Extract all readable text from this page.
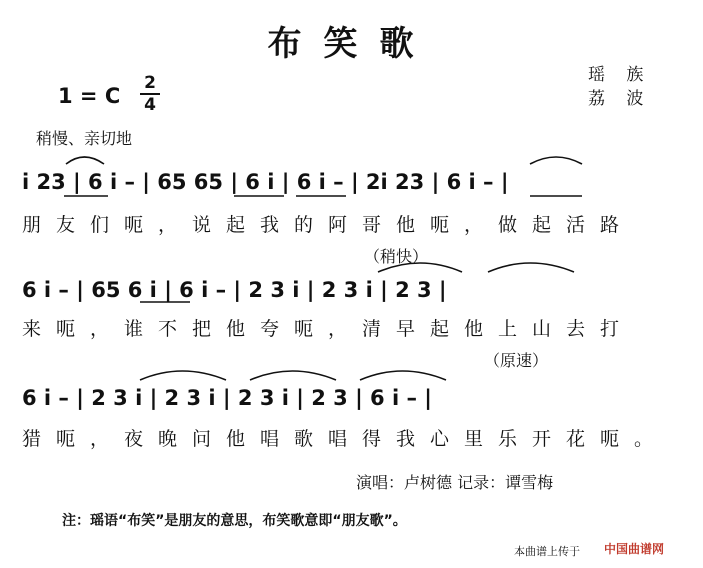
布笑歌
1 = C
2
4
瑶 族
荔 波
稍慢、亲切地
i 23 | 6 i – | 65 65 | 6 i | 6 i – | 2i 23 | 6 i – |
朋友们呃，说起我的阿哥他呃，做起活路
（稍快）
6 i – | 65 6 i | 6 i – | 2 3 i | 2 3 i | 2 3 |
来呃，谁不把他夸呃，清早起他上山去打
（原速）
6 i – | 2 3 i | 2 3 i | 2 3 i | 2 3 | 6 i – |
猎呃，夜晚问他唱歌唱得我心里乐开花呃。
演唱：卢树德 记录：谭雪梅
注：瑶语“布笑”是朋友的意思，布笑歌意即“朋友歌”。
本曲谱上传于 中国曲谱网
